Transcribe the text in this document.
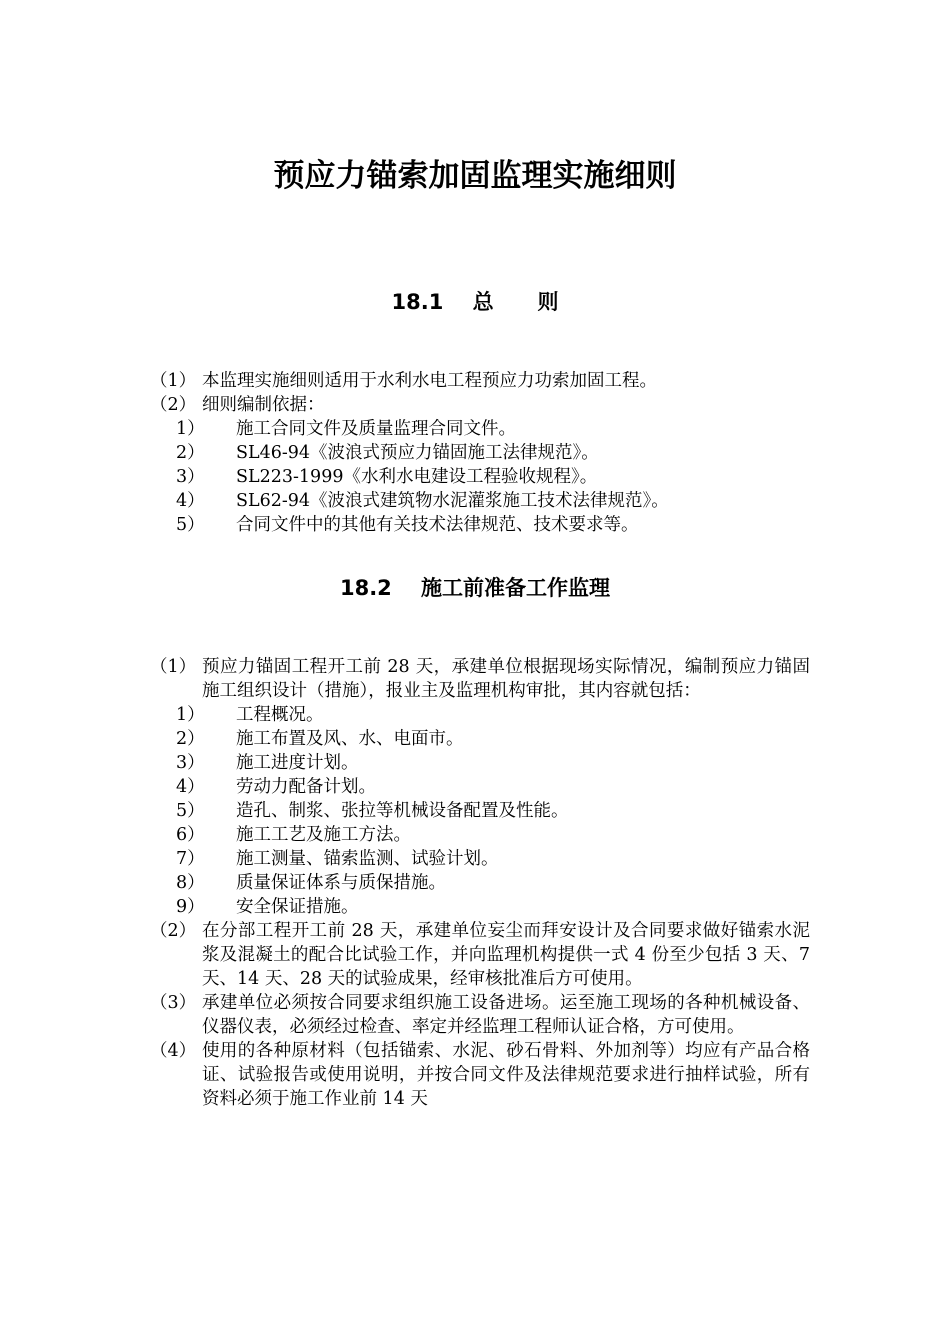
预应力锚索加固监理实施细则
18.1    总      则
（1） 本监理实施细则适用于水利水电工程预应力功索加固工程。
（2） 细则编制依据：
1） 施工合同文件及质量监理合同文件。
2） SL46-94《波浪式预应力锚固施工法律规范》。
3） SL223-1999《水利水电建设工程验收规程》。
4） SL62-94《波浪式建筑物水泥灌浆施工技术法律规范》。
5） 合同文件中的其他有关技术法律规范、技术要求等。
18.2    施工前准备工作监理
（1） 预应力锚固工程开工前 28 天，承建单位根据现场实际情况，编制预应力锚固施工组织设计（措施），报业主及监理机构审批，其内容就包括：
1） 工程概况。
2） 施工布置及风、水、电面市。
3） 施工进度计划。
4） 劳动力配备计划。
5） 造孔、制浆、张拉等机械设备配置及性能。
6） 施工工艺及施工方法。
7） 施工测量、锚索监测、试验计划。
8） 质量保证体系与质保措施。
9） 安全保证措施。
（2） 在分部工程开工前 28 天，承建单位妄尘而拜安设计及合同要求做好锚索水泥浆及混凝土的配合比试验工作，并向监理机构提供一式 4 份至少包括 3 天、7 天、14 天、28 天的试验成果，经审核批准后方可使用。
（3） 承建单位必须按合同要求组织施工设备进场。运至施工现场的各种机械设备、仪器仪表，必须经过检查、率定并经监理工程师认证合格，方可使用。
（4） 使用的各种原材料（包括锚索、水泥、砂石骨料、外加剂等）均应有产品合格证、试验报告或使用说明，并按合同文件及法律规范要求进行抽样试验，所有资料必须于施工作业前 14 天
